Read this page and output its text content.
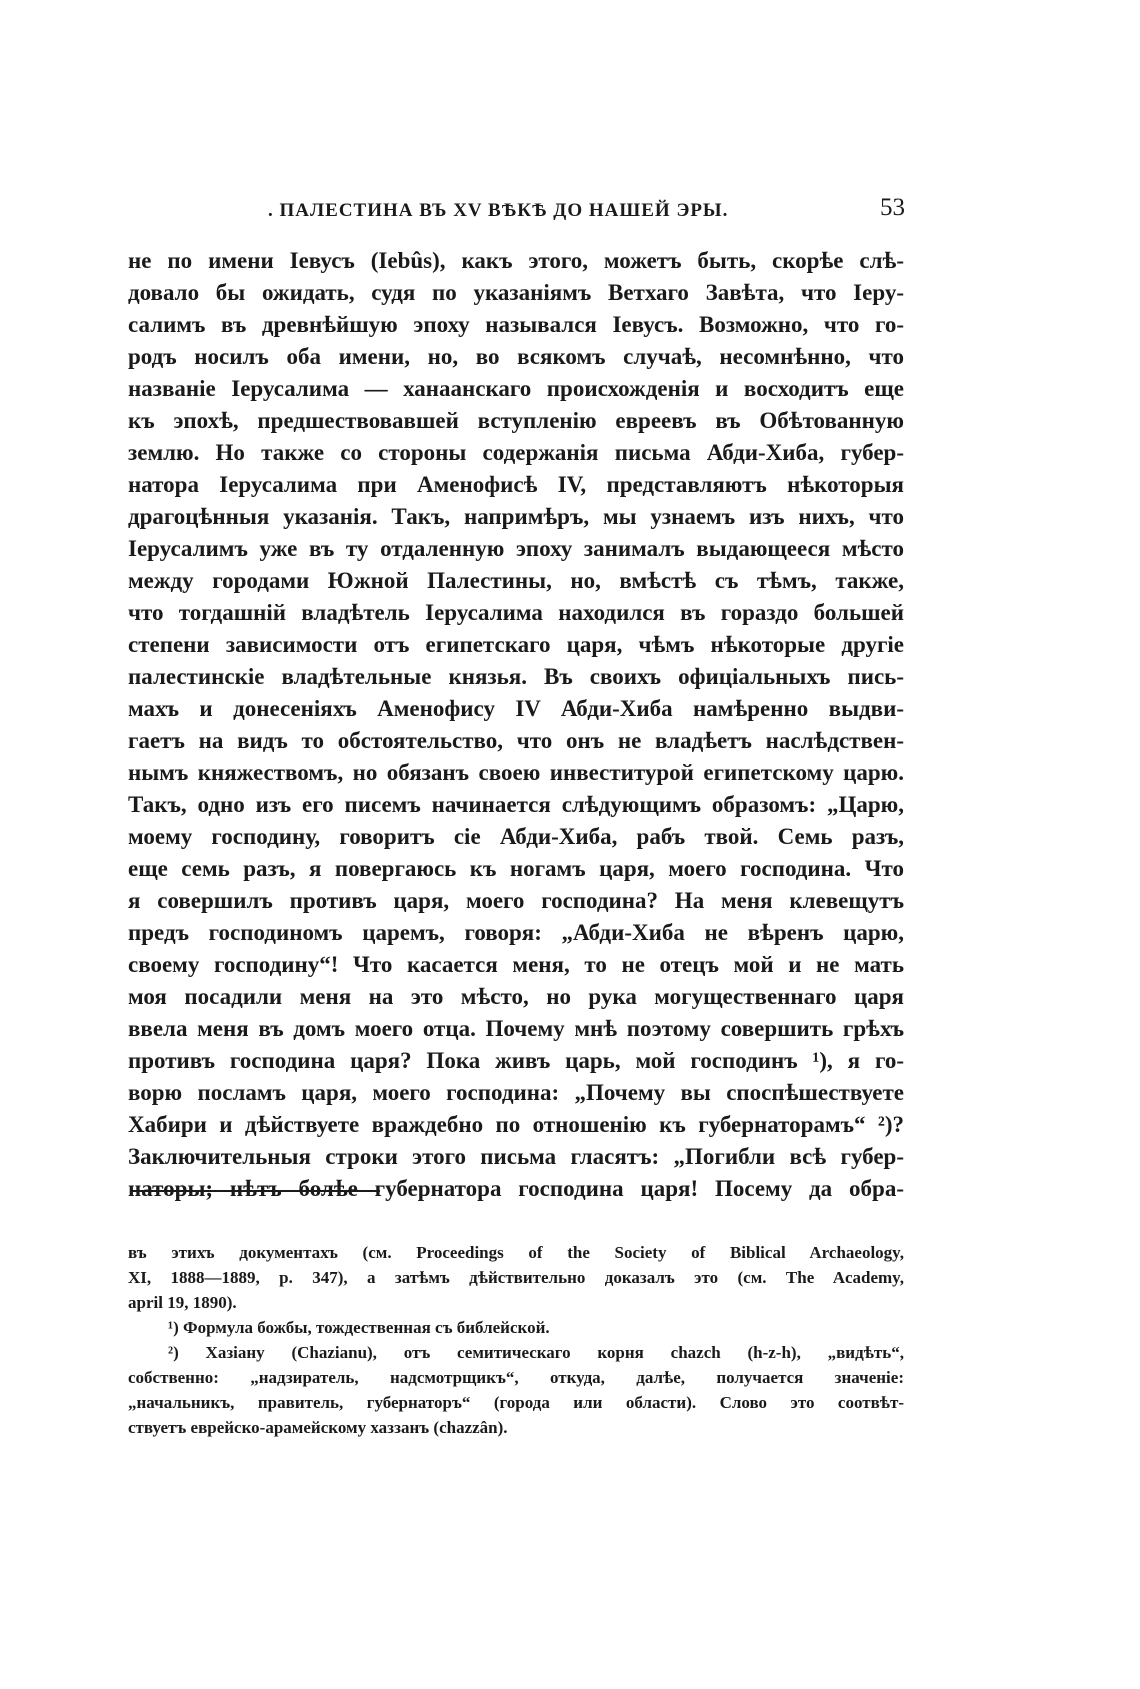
. ПАЛЕСТИНА ВЪ XV ВѢКѢ ДО НАШЕЙ ЭРЫ.	53
не по имени Іевусъ (Iebûs), какъ этого, можетъ быть, скорѣе слѣ-
довало бы ожидать, судя по указаніямъ Ветхаго Завѣта, что Іеру-
салимъ въ древнѣйшую эпоху назывался Іевусъ. Возможно, что го-
родъ носилъ оба имени, но, во всякомъ случаѣ, несомнѣнно, что
названіе Іерусалима — ханаанскаго происхожденія и восходитъ еще
къ эпохѣ, предшествовавшей вступленію евреевъ въ Обѣтованную
землю. Но также со стороны содержанія письма Абди-Хиба, губер-
натора Іерусалима при Аменофисѣ IV, представляютъ нѣкоторыя
драгоцѣнныя указанія. Такъ, напримѣръ, мы узнаемъ изъ нихъ, что
Іерусалимъ уже въ ту отдаленную эпоху занималъ выдающееся мѣсто
между городами Южной Палестины, но, вмѣстѣ съ тѣмъ, также,
что тогдашній владѣтель Іерусалима находился въ гораздо большей
степени зависимости отъ египетскаго царя, чѣмъ нѣкоторые другіе
палестинскіе владѣтельные князья. Въ своихъ офиціальныхъ пись-
махъ и донесеніяхъ Аменофису IV Абди-Хиба намѣренно выдви-
гаетъ на видъ то обстоятельство, что онъ не владѣетъ наслѣдствен-
нымъ княжествомъ, но обязанъ своею инвеститурой египетскому царю.
Такъ, одно изъ его писемъ начинается слѣдующимъ образомъ: „Царю,
моему господину, говоритъ сіе Абди-Хиба, рабъ твой. Семь разъ,
еще семь разъ, я повергаюсь къ ногамъ царя, моего господина. Что
я совершилъ противъ царя, моего господина? На меня клевещутъ
предъ господиномъ царемъ, говоря: „Абди-Хиба не вѣренъ царю,
своему господину“! Что касается меня, то не отецъ мой и не мать
моя посадили меня на это мѣсто, но рука могущественнаго царя
ввела меня въ домъ моего отца. Почему мнѣ поэтому совершить грѣхъ
противъ господина царя? Пока живъ царь, мой господинъ ¹), я го-
ворю посламъ царя, моего господина: „Почему вы споспѣшествуете
Хабири и дѣйствуете враждебно по отношенію къ губернаторамъ“ ²)?
Заключительныя строки этого письма гласятъ: „Погибли всѣ губер-
наторы; нѣтъ болѣе губернатора господина царя! Посему да обра-
въ этихъ документахъ (см. Proceedings of the Society of Biblical Archaeology,
XI, 1888—1889, p. 347), а затѣмъ дѣйствительно доказалъ это (см. The Academy,
april 19, 1890).
¹) Формула божбы, тождественная съ библейской.
²) Хазіану (Chazianu), отъ семитическаго корня chazch (h-z-h), „видѣть“,
собственно: „надзиратель, надсмотрщикъ“, откуда, далѣе, получается значеніе:
„начальникъ, правитель, губернаторъ“ (города или области). Слово это соотвѣт-
ствуетъ еврейско-арамейскому хаззанъ (chazzân).
